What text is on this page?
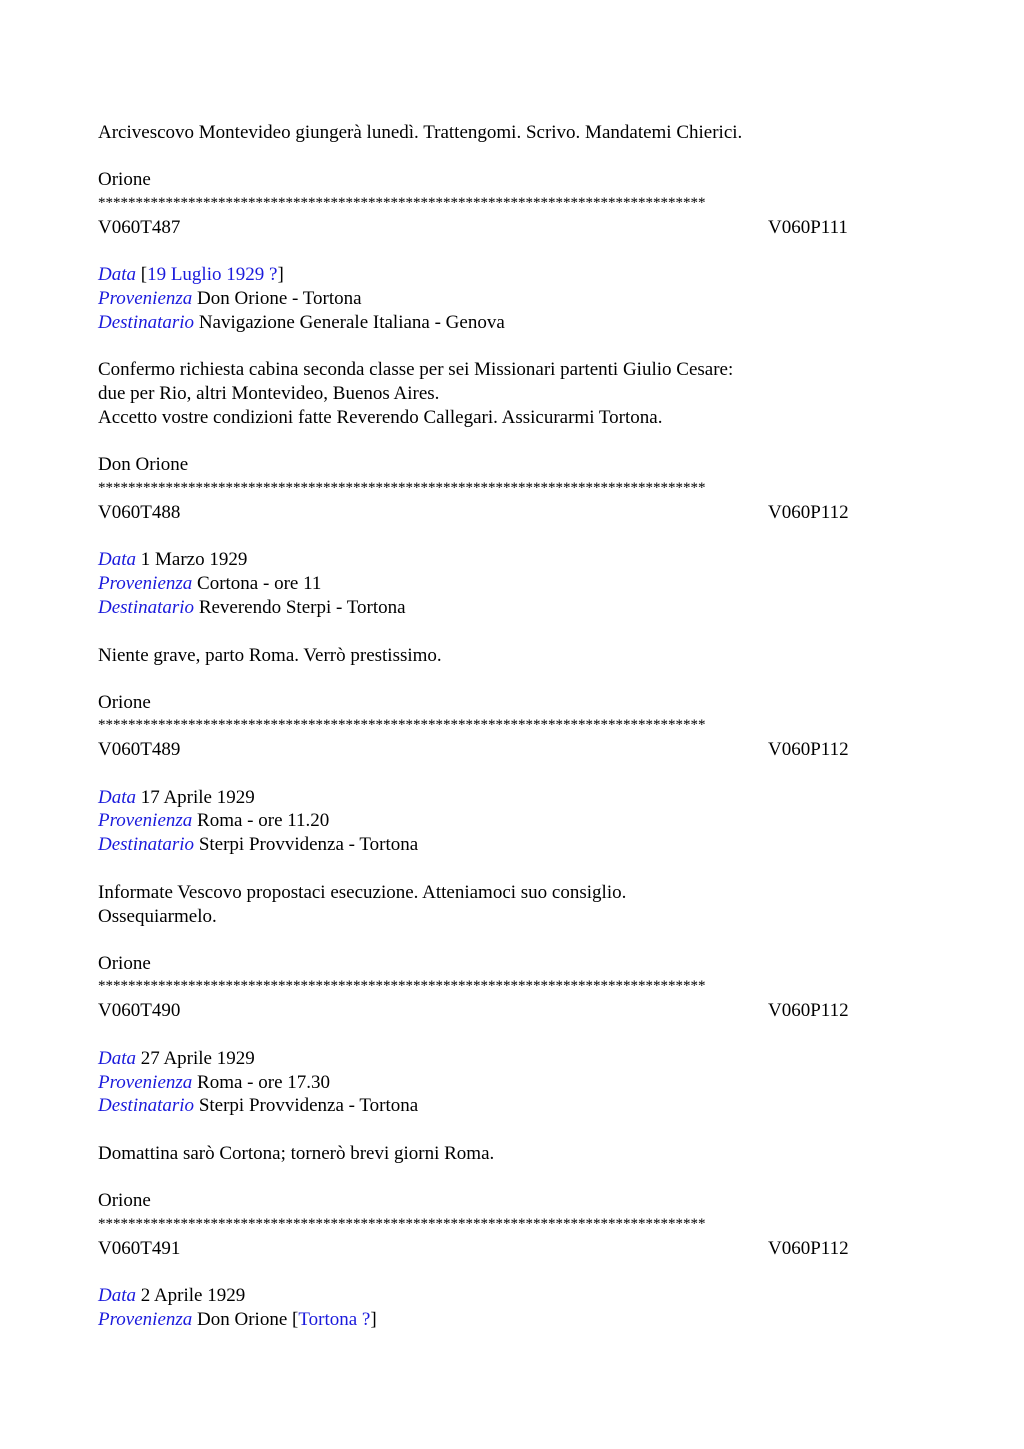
Arcivescovo Montevideo giungerà lunedì. Trattengomi. Scrivo. Mandatemi Chierici.
Orione
*********************************************************************************
V060T487	V060P111
Data [19 Luglio 1929 ?]
Provenienza Don Orione - Tortona
Destinatario Navigazione Generale Italiana - Genova
Confermo richiesta cabina seconda classe per sei Missionari partenti Giulio Cesare:
due per Rio, altri Montevideo, Buenos Aires.
Accetto vostre condizioni fatte Reverendo Callegari. Assicurarmi Tortona.
Don Orione
*********************************************************************************
V060T488	V060P112
Data 1 Marzo 1929
Provenienza Cortona - ore 11
Destinatario Reverendo Sterpi - Tortona
Niente grave, parto Roma. Verrò prestissimo.
Orione
*********************************************************************************
V060T489	V060P112
Data 17 Aprile 1929
Provenienza Roma - ore 11.20
Destinatario Sterpi Provvidenza - Tortona
Informate Vescovo propostaci esecuzione. Atteniamoci suo consiglio.
Ossequiarmelo.
Orione
*********************************************************************************
V060T490	V060P112
Data 27 Aprile 1929
Provenienza Roma - ore 17.30
Destinatario Sterpi Provvidenza - Tortona
Domattina sarò Cortona; tornerò brevi giorni Roma.
Orione
*********************************************************************************
V060T491	V060P112
Data 2 Aprile 1929
Provenienza Don Orione [Tortona ?]
